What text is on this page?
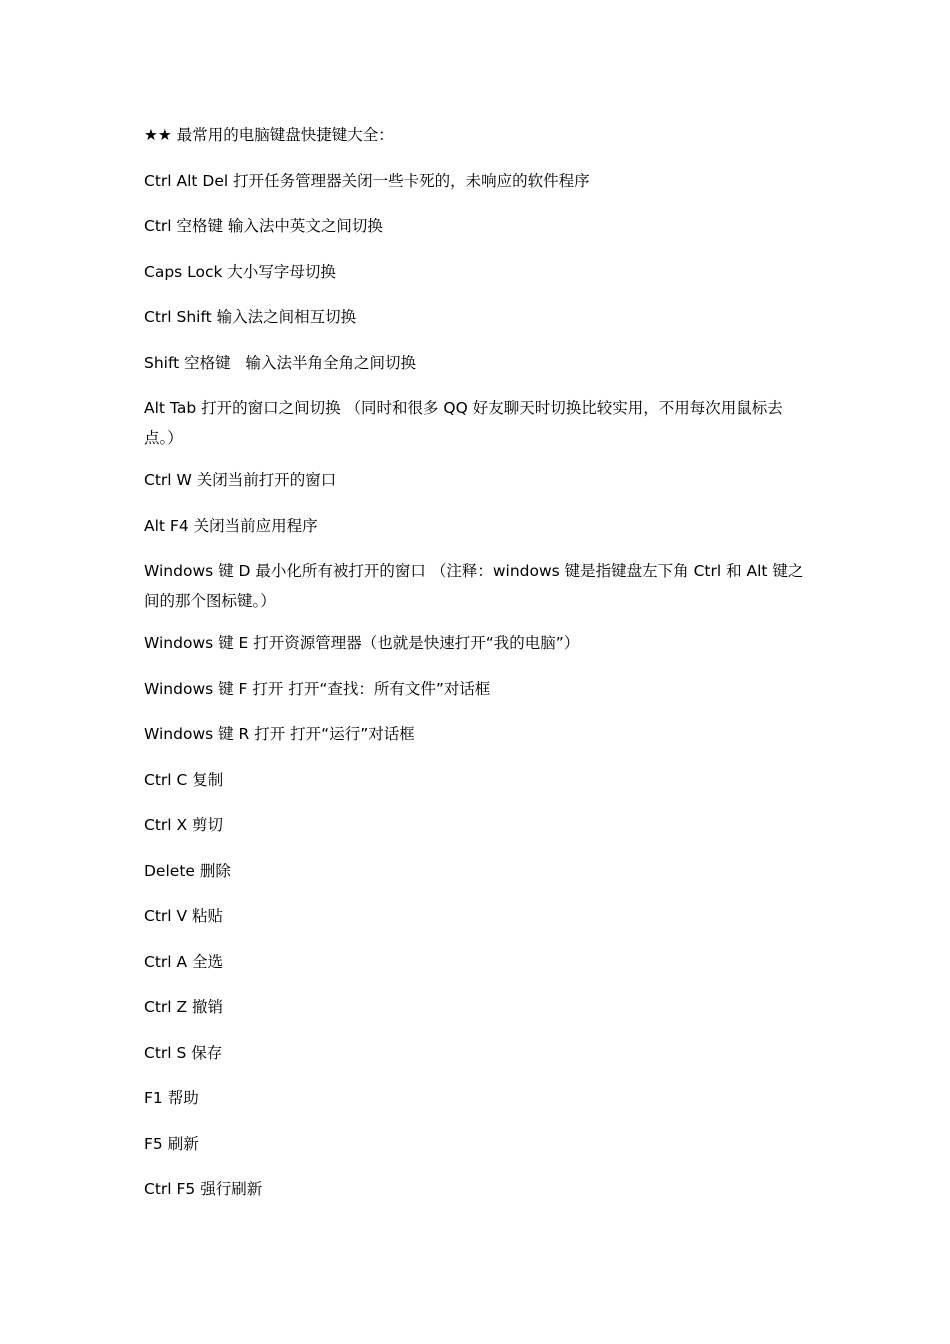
★★ 最常用的电脑键盘快捷键大全：
Ctrl Alt Del 打开任务管理器关闭一些卡死的，未响应的软件程序
Ctrl 空格键 输入法中英文之间切换
Caps Lock 大小写字母切换
Ctrl Shift 输入法之间相互切换
Shift 空格键   输入法半角全角之间切换
Alt Tab 打开的窗口之间切换 （同时和很多 QQ 好友聊天时切换比较实用，不用每次用鼠标去点。）
Ctrl W 关闭当前打开的窗口
Alt F4 关闭当前应用程序
Windows 键 D 最小化所有被打开的窗口 （注释：windows 键是指键盘左下角 Ctrl 和 Alt 键之间的那个图标键。）
Windows 键 E 打开资源管理器（也就是快速打开“我的电脑”）
Windows 键 F 打开 打开“查找：所有文件”对话框
Windows 键 R 打开 打开“运行”对话框
Ctrl C 复制
Ctrl X 剪切
Delete 删除
Ctrl V 粘贴
Ctrl A 全选
Ctrl Z 撤销
Ctrl S 保存
F1 帮助
F5 刷新
Ctrl F5 强行刷新
